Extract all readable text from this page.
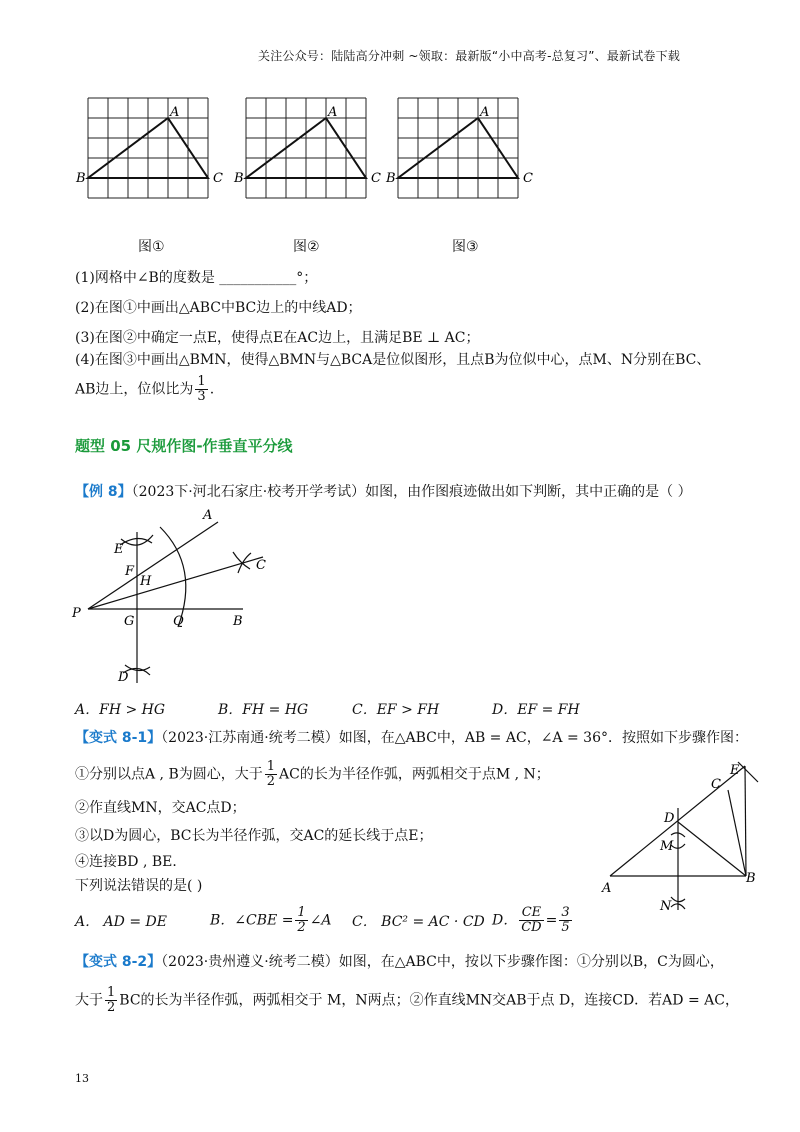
关注公众号：陆陆高分冲刺 ~领取：最新版“小中高考-总复习”、最新试卷下载
A
B	C
A
B	C
A
B	C
图①	图②	图③
(1)网格中∠B的度数是 ___________°；
(2)在图①中画出△ABC中BC边上的中线AD；
(3)在图②中确定一点E，使得点E在AC边上，且满足BE ⊥ AC；
(4)在图③中画出△BMN，使得△BMN与△BCA是位似图形，且点B为位似中心，点M、N分别在BC、
AB边上，位似比为 $\frac{1}{3}$ .
题型 05 尺规作图-作垂直平分线
【例 8】（2023下·河北石家庄·校考开学考试）如图，由作图痕迹做出如下判断，其中正确的是（ ）
A
E
F
H
C
P
G	Q	B
D
A．FH > HG	B．FH = HG	C．EF > FH	D．EF = FH
【变式 8-1】（2023·江苏南通·统考二模）如图，在△ABC中，AB = AC，∠A = 36°．按照如下步骤作图：
①分别以点A , B为圆心，大于 $\frac{1}{2}$ AC的长为半径作弧，两弧相交于点M , N；
②作直线MN，交AC点D；
③以D为圆心，BC长为半径作弧，交AC的延长线于点E；
④连接BD , BE．
下列说法错误的是( )
E
C
D
M
A
B
N
A． AD = DE	B．∠CBE = $\frac{1}{2}$ ∠A C． BC² = AC · CD D． $\frac{CE}{CD} = \frac{3}{5}$
【变式 8-2】（2023·贵州遵义·统考二模）如图，在△ABC中，按以下步骤作图：①分别以B，C为圆心，
大于 $\frac{1}{2}$ BC的长为半径作弧，两弧相交于 M，N两点；②作直线MN交AB于点 D，连接CD．若AD = AC，
13
